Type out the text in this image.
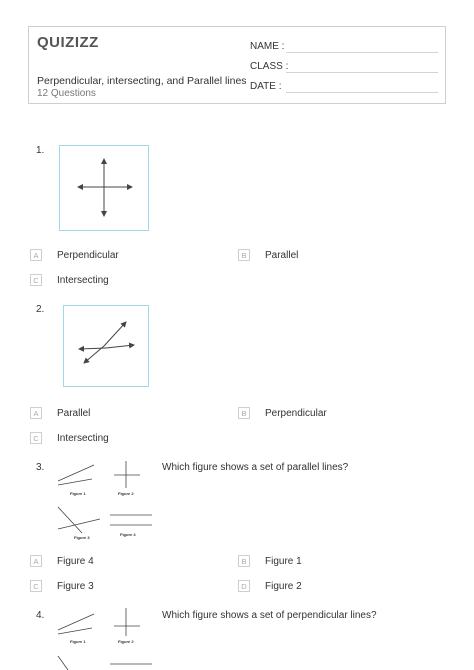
QUIZIZZ
Perpendicular, intersecting, and Parallel lines
12 Questions
NAME :
CLASS :
DATE :
1.
A	Perpendicular	B	Parallel
C	Intersecting
2.
A	Parallel	B	Perpendicular
C	Intersecting
3.	Which figure shows a set of parallel lines?
Figure 1	Figure 2
Figure 3
Figure 4
A	Figure 4	B	Figure 1
C	Figure 3	D	Figure 2
4.	Which figure shows a set of perpendicular lines?
Figure 1	Figure 2
